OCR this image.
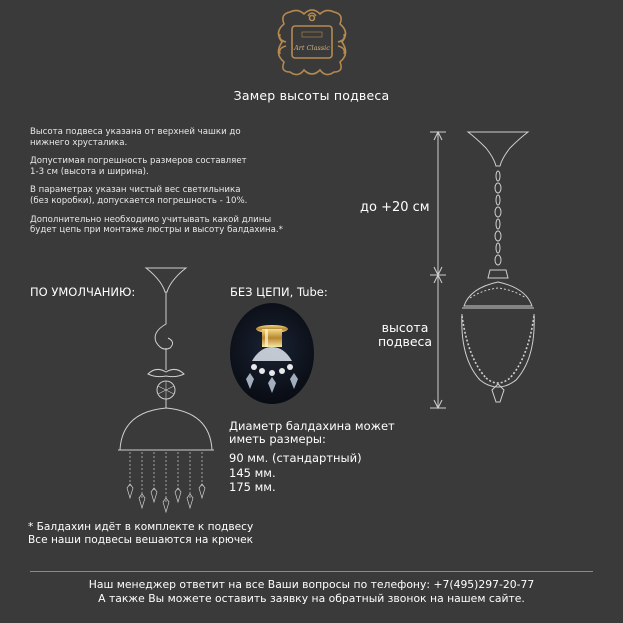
Art Classic
Замер высоты подвеса

Высота подвеса указана от верхней чашки до
нижнего хрусталика.

Допустимая погрешность размеров составляет
1-3 см (высота и ширина).

В параметрах указан чистый вес светильника
(без коробки), допускается погрешность - 10%.

Дополнительно необходимо учитывать какой длины
будет цепь при монтаже люстры и высоту балдахина.*

до +20 см
высота
подвеса
ПО УМОЛЧАНИЮ:	БЕЗ ЦЕПИ, Tube:
Диаметр балдахина может
иметь размеры:
90 мм. (стандартный)
145 мм.
175 мм.
* Балдахин идёт в комплекте к подвесу
Все наши подвесы вешаются на крючек
Наш менеджер ответит на все Ваши вопросы по телефону: +7(495)297-20-77
А также Вы можете оставить заявку на обратный звонок на нашем сайте.
